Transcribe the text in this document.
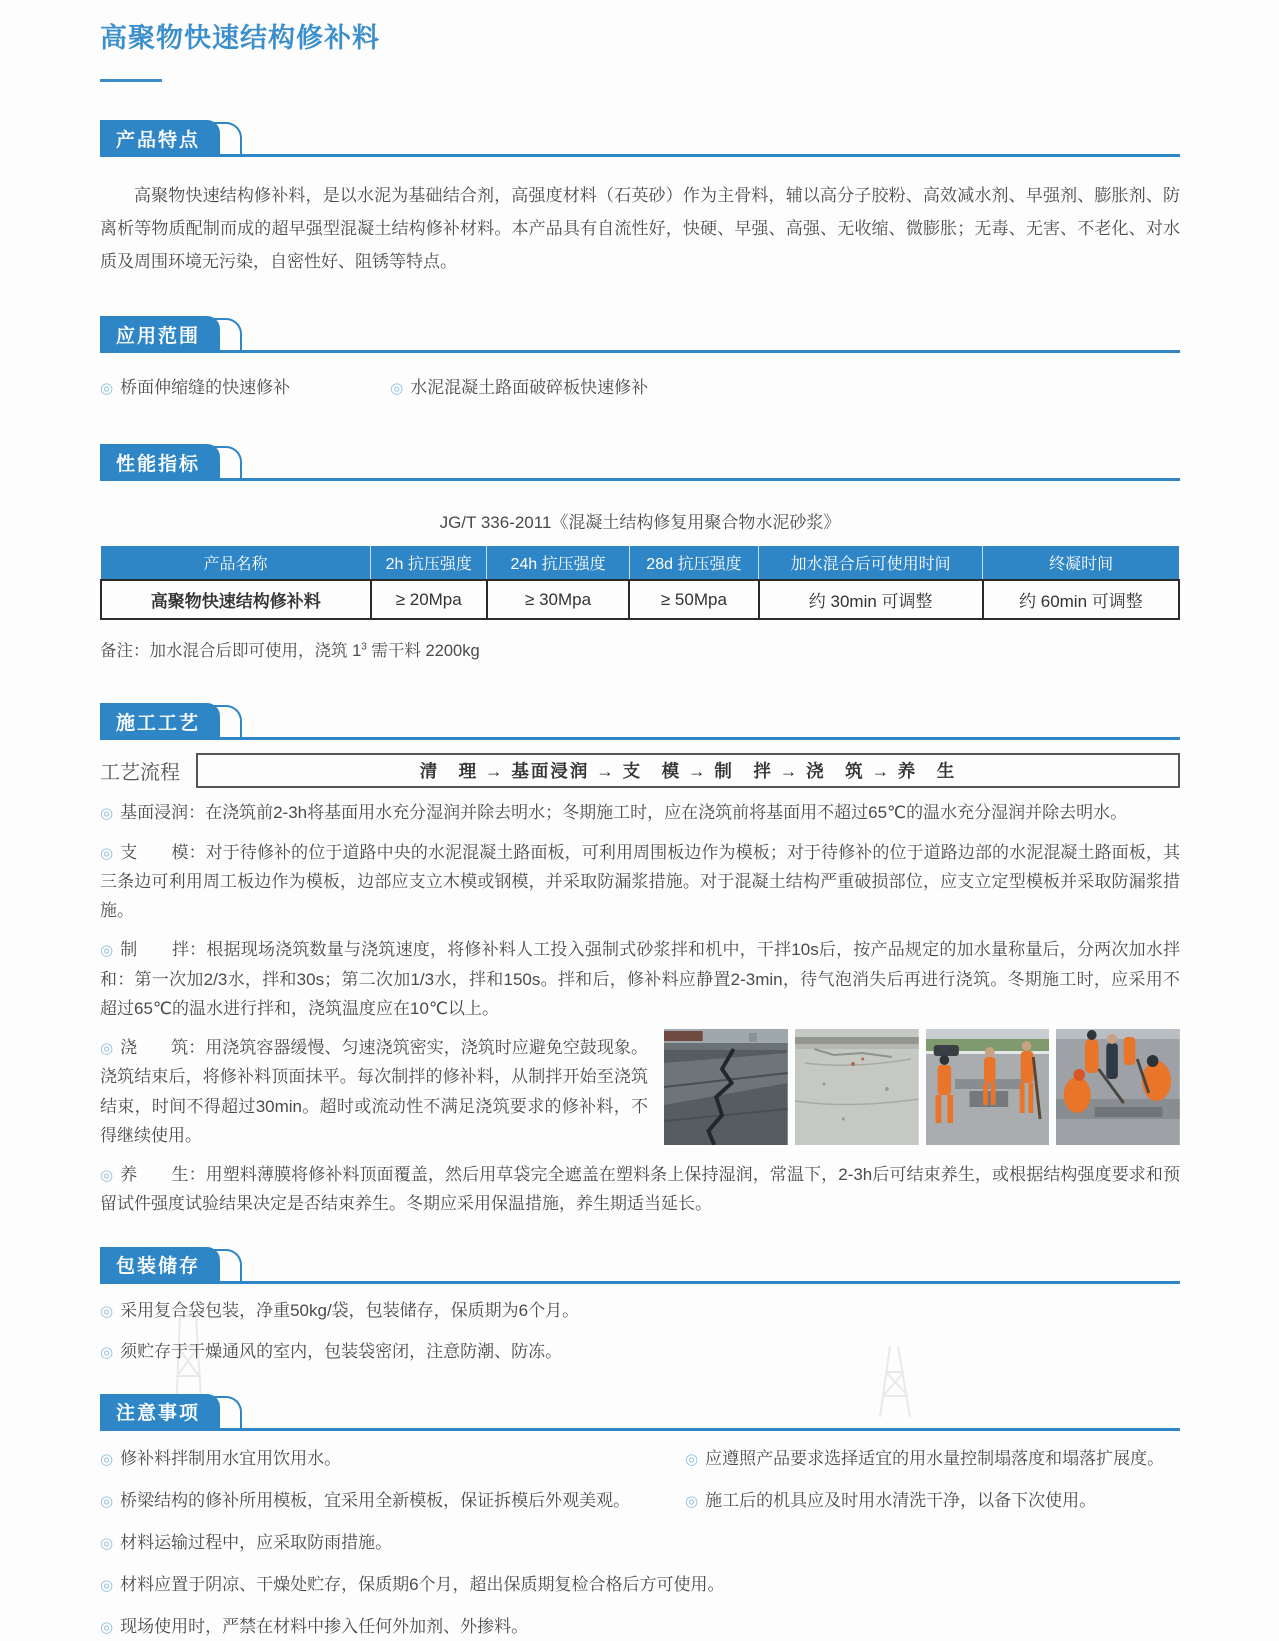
高聚物快速结构修补料
产品特点

高聚物快速结构修补料，是以水泥为基础结合剂，高强度材料（石英砂）作为主骨料，辅以高分子胶粉、高效减水剂、早强剂、膨胀剂、防离析等物质配制而成的超早强型混凝土结构修补材料。本产品具有自流性好，快硬、早强、高强、无收缩、微膨胀；无毒、无害、不老化、对水质及周围环境无污染，自密性好、阻锈等特点。

应用范围
◎ 桥面伸缩缝的快速修补	◎ 水泥混凝土路面破碎板快速修补
性能指标

JG/T 336-2011《混凝土结构修复用聚合物水泥砂浆》

产品名称	2h 抗压强度	24h 抗压强度	28d 抗压强度	加水混合后可使用时间	终凝时间
高聚物快速结构修补料	≥ 20Mpa	≥ 30Mpa	≥ 50Mpa	约 30min 可调整	约 60min 可调整

备注：加水混合后即可使用，浇筑 $1^3$ 需干料 2200kg

施工工艺
工艺流程	清　理 → 基面浸润 → 支　模 → 制　拌 → 浇　筑 → 养　生

◎ 基面浸润：在浇筑前2-3h将基面用水充分湿润并除去明水；冬期施工时，应在浇筑前将基面用不超过65℃的温水充分湿润并除去明水。

◎ 支　　模：对于待修补的位于道路中央的水泥混凝土路面板，可利用周围板边作为模板；对于待修补的位于道路边部的水泥混凝土路面板，其三条边可利用周工板边作为模板，边部应支立木模或钢模，并采取防漏浆措施。对于混凝土结构严重破损部位，应支立定型模板并采取防漏浆措施。

◎ 制　　拌：根据现场浇筑数量与浇筑速度，将修补料人工投入强制式砂浆拌和机中，干拌10s后，按产品规定的加水量称量后，分两次加水拌和：第一次加2/3水，拌和30s；第二次加1/3水，拌和150s。拌和后，修补料应静置2-3min，待气泡消失后再进行浇筑。冬期施工时，应采用不超过65℃的温水进行拌和，浇筑温度应在10℃以上。

◎ 浇　　筑：用浇筑容器缓慢、匀速浇筑密实，浇筑时应避免空鼓现象。浇筑结束后，将修补料顶面抹平。每次制拌的修补料，从制拌开始至浇筑结束，时间不得超过30min。超时或流动性不满足浇筑要求的修补料，不得继续使用。

◎ 养　　生：用塑料薄膜将修补料顶面覆盖，然后用草袋完全遮盖在塑料条上保持湿润，常温下，2-3h后可结束养生，或根据结构强度要求和预留试件强度试验结果决定是否结束养生。冬期应采用保温措施，养生期适当延长。

包装储存
◎ 采用复合袋包装，净重50kg/袋，包装储存，保质期为6个月。
◎ 须贮存于干燥通风的室内，包装袋密闭，注意防潮、防冻。
注意事项
◎ 修补料拌制用水宜用饮用水。	◎ 应遵照产品要求选择适宜的用水量控制塌落度和塌落扩展度。
◎ 桥梁结构的修补所用模板，宜采用全新模板，保证拆模后外观美观。	◎ 施工后的机具应及时用水清洗干净，以备下次使用。
◎ 材料运输过程中，应采取防雨措施。
◎ 材料应置于阴凉、干燥处贮存，保质期6个月，超出保质期复检合格后方可使用。
◎ 现场使用时，严禁在材料中掺入任何外加剂、外掺料。
